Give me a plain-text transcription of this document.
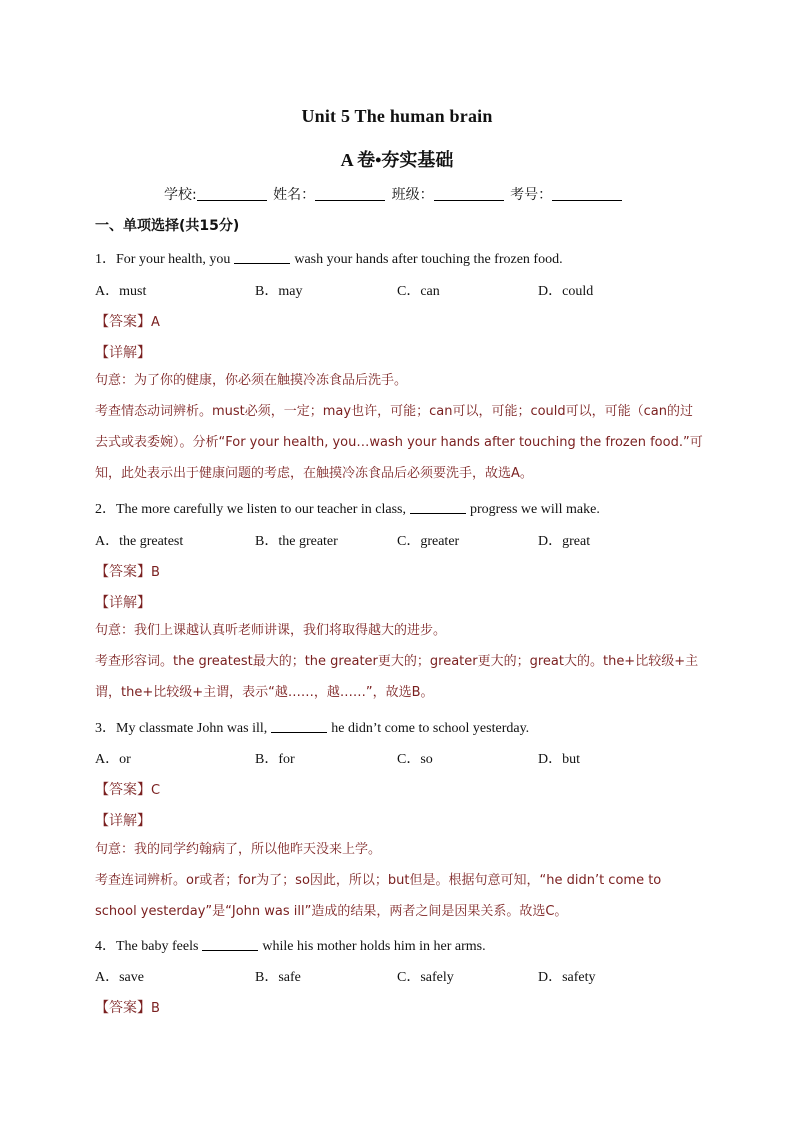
Unit 5 The human brain
A 卷•夯实基础
学校:	姓名：	班级：	考号：
一、单项选择(共15分)
1．For your health, you	wash your hands after touching the frozen food.
A．must	B．may	C．can	D．could
【答案】A
【详解】
句意：为了你的健康，你必须在触摸冷冻食品后洗手。
考查情态动词辨析。must必须，一定；may也许，可能；can可以，可能；could可以，可能（can的过去式或表委婉）。分析“For your health, you…wash your hands after touching the frozen food.”可知，此处表示出于健康问题的考虑，在触摸冷冻食品后必须要洗手，故选A。
2．The more carefully we listen to our teacher in class,	progress we will make.
A．the greatest	B．the greater	C．greater	D．great
【答案】B
【详解】
句意：我们上课越认真听老师讲课，我们将取得越大的进步。
考查形容词。the greatest最大的；the greater更大的；greater更大的；great大的。the+比较级+主谓，the+比较级+主谓，表示“越……，越……”，故选B。
3．My classmate John was ill,	he didn’t come to school yesterday.
A．or	B．for	C．so	D．but
【答案】C
【详解】
句意：我的同学约翰病了，所以他昨天没来上学。
考查连词辨析。or或者；for为了；so因此，所以；but但是。根据句意可知，“he didn’t come to school yesterday”是“John was ill”造成的结果，两者之间是因果关系。故选C。
4．The baby feels	while his mother holds him in her arms.
A．save	B．safe	C．safely	D．safety
【答案】B
